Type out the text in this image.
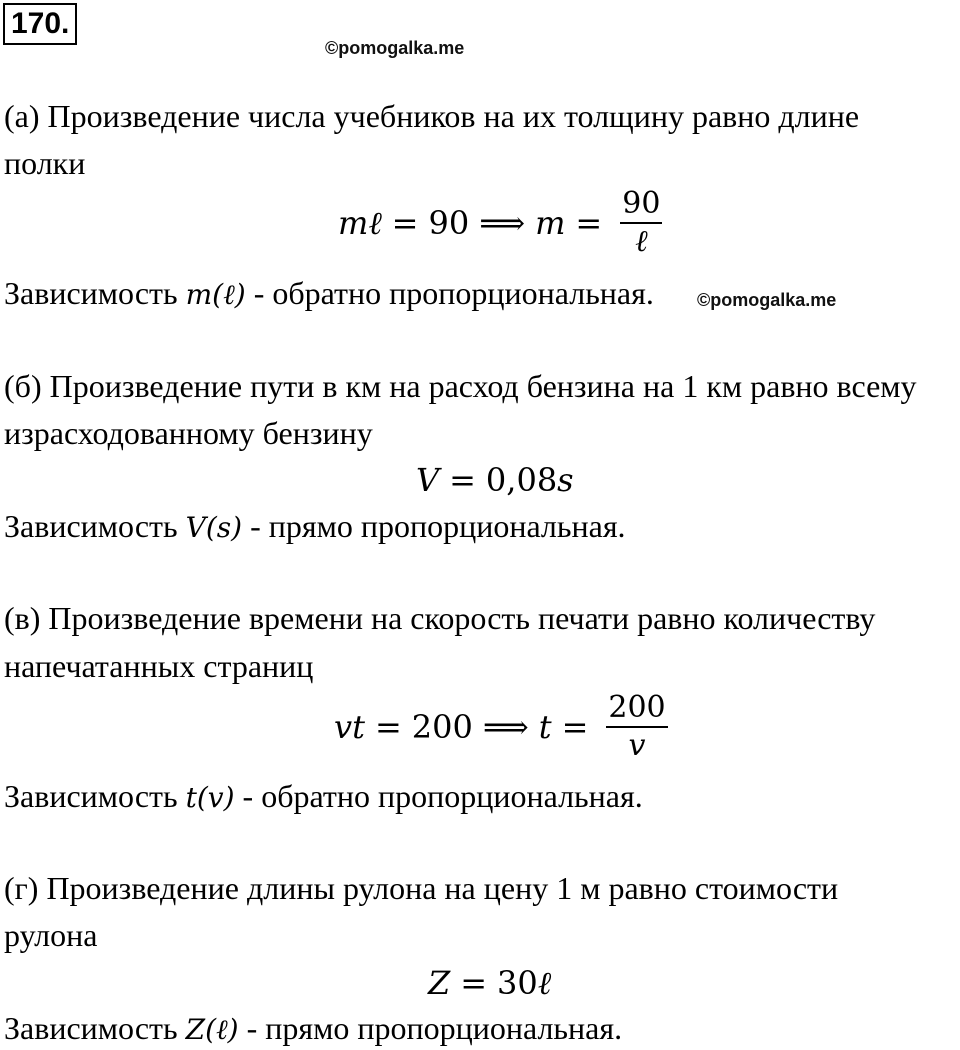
170.
©pomogalka.me
(а) Произведение числа учебников на их толщину равно длине
полки
mℓ = 90 ⟹ $m = \frac{90}{\text{ℓ}}$
Зависимость m(ℓ) - обратно пропорциональная. ©pomogalka.me
(б) Произведение пути в км на расход бензина на 1 км равно всему
израсходованному бензину
V = 0,08 s
Зависимость V(s) - прямо пропорциональная.
(в) Произведение времени на скорость печати равно количеству
напечатанных страниц
vt = 200 ⟹ $t = \frac{200}{v}$
Зависимость t(v) - обратно пропорциональная.
(г) Произведение длины рулона на цену 1 м равно стоимости
рулона
Z = 30 ℓ
Зависимость Z(ℓ) - прямо пропорциональная.
